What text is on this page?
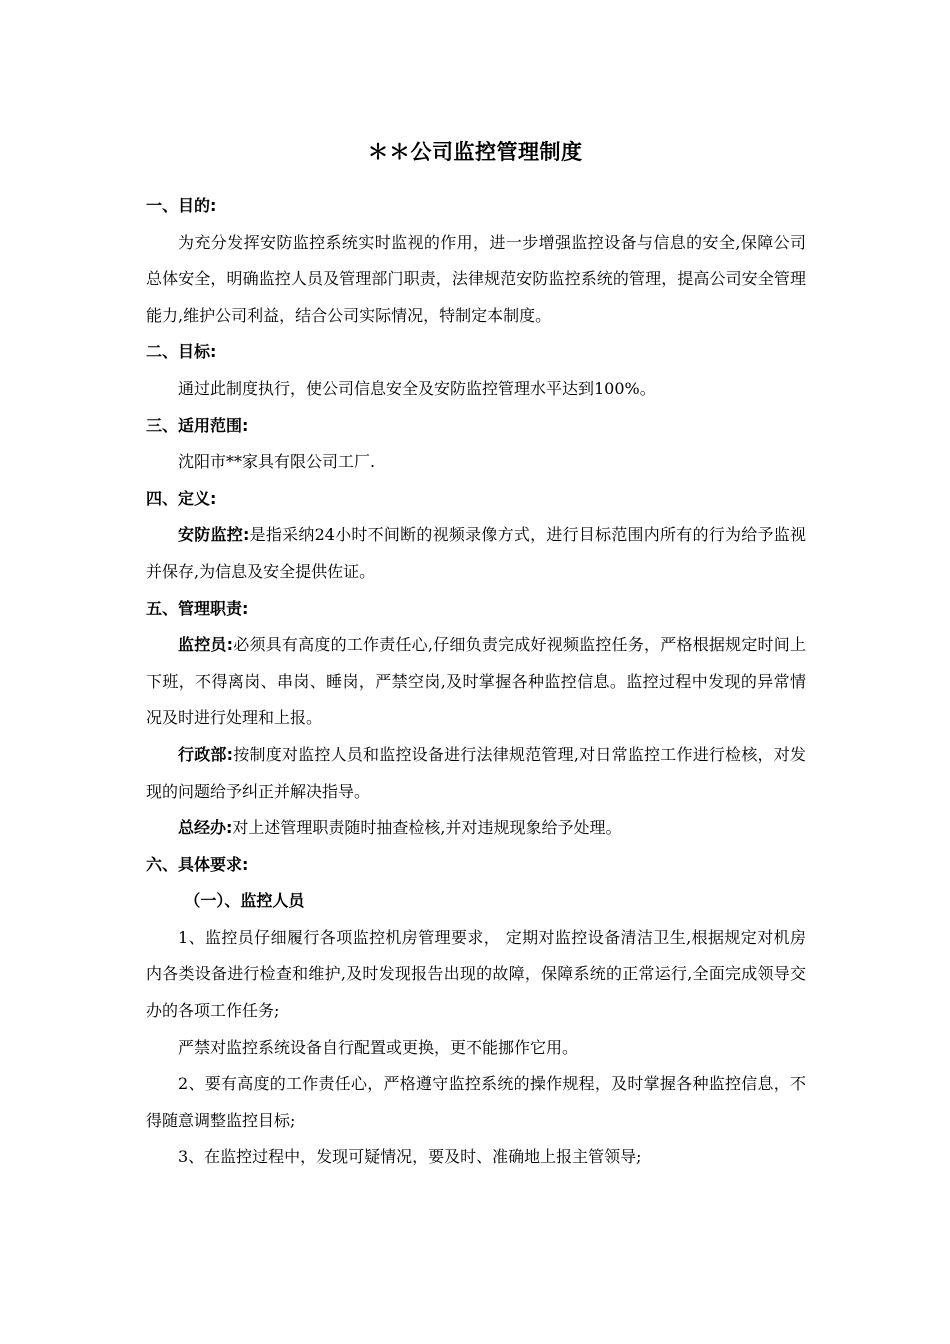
＊＊公司监控管理制度

一、目的:

为充分发挥安防监控系统实时监视的作用，进一步增强监控设备与信息的安全,保障公司总体安全，明确监控人员及管理部门职责，法律规范安防监控系统的管理，提高公司安全管理能力,维护公司利益，结合公司实际情况，特制定本制度。

二、目标:

通过此制度执行，使公司信息安全及安防监控管理水平达到100%。

三、适用范围:

沈阳市**家具有限公司工厂.

四、定义:

安防监控:是指采纳24小时不间断的视频录像方式，进行目标范围内所有的行为给予监视并保存,为信息及安全提供佐证。

五、管理职责:

监控员:必须具有高度的工作责任心,仔细负责完成好视频监控任务，严格根据规定时间上下班，不得离岗、串岗、睡岗，严禁空岗,及时掌握各种监控信息。监控过程中发现的异常情况及时进行处理和上报。

行政部:按制度对监控人员和监控设备进行法律规范管理,对日常监控工作进行检核，对发现的问题给予纠正并解决指导。

总经办:对上述管理职责随时抽查检核,并对违规现象给予处理。

六、具体要求:

（一）、监控人员

1、监控员仔细履行各项监控机房管理要求， 定期对监控设备清洁卫生,根据规定对机房内各类设备进行检查和维护,及时发现报告出现的故障，保障系统的正常运行,全面完成领导交办的各项工作任务;

严禁对监控系统设备自行配置或更换，更不能挪作它用。

2、要有高度的工作责任心，严格遵守监控系统的操作规程，及时掌握各种监控信息，不得随意调整监控目标;

3、在监控过程中，发现可疑情况，要及时、准确地上报主管领导;
